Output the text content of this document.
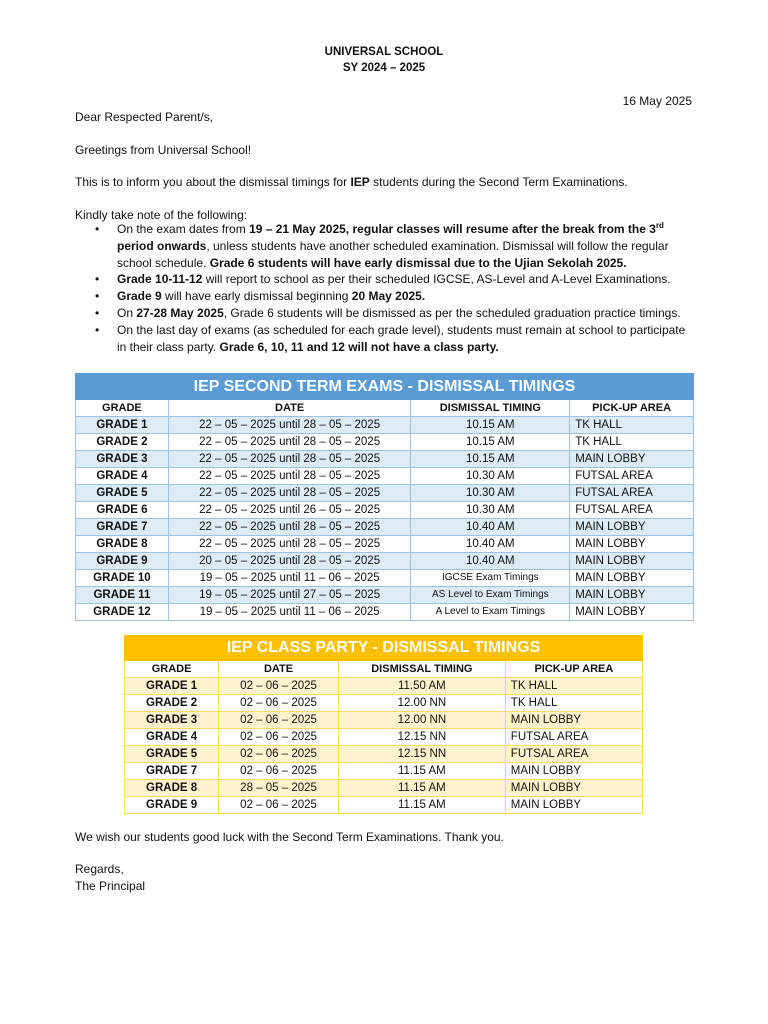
UNIVERSAL SCHOOL
SY 2024 – 2025
16 May 2025
Dear Respected Parent/s,
Greetings from Universal School!
This is to inform you about the dismissal timings for IEP students during the Second Term Examinations.
Kindly take note of the following:
• On the exam dates from 19 – 21 May 2025, regular classes will resume after the break from the 3rd period onwards, unless students have another scheduled examination. Dismissal will follow the regular school schedule. Grade 6 students will have early dismissal due to the Ujian Sekolah 2025.
• Grade 10-11-12 will report to school as per their scheduled IGCSE, AS-Level and A-Level Examinations.
• Grade 9 will have early dismissal beginning 20 May 2025.
• On 27-28 May 2025, Grade 6 students will be dismissed as per the scheduled graduation practice timings.
• On the last day of exams (as scheduled for each grade level), students must remain at school to participate in their class party. Grade 6, 10, 11 and 12 will not have a class party.
IEP SECOND TERM EXAMS - DISMISSAL TIMINGS			
GRADE	DATE	DISMISSAL TIMING	PICK-UP AREA
GRADE 1	22 – 05 – 2025 until 28 – 05 – 2025	10.15 AM	TK HALL
GRADE 2	22 – 05 – 2025 until 28 – 05 – 2025	10.15 AM	TK HALL
GRADE 3	22 – 05 – 2025 until 28 – 05 – 2025	10.15 AM	MAIN LOBBY
GRADE 4	22 – 05 – 2025 until 28 – 05 – 2025	10.30 AM	FUTSAL AREA
GRADE 5	22 – 05 – 2025 until 28 – 05 – 2025	10.30 AM	FUTSAL AREA
GRADE 6	22 – 05 – 2025 until 26 – 05 – 2025	10.30 AM	FUTSAL AREA
GRADE 7	22 – 05 – 2025 until 28 – 05 – 2025	10.40 AM	MAIN LOBBY
GRADE 8	22 – 05 – 2025 until 28 – 05 – 2025	10.40 AM	MAIN LOBBY
GRADE 9	20 – 05 – 2025 until 28 – 05 – 2025	10.40 AM	MAIN LOBBY
GRADE 10	19 – 05 – 2025 until 11 – 06 – 2025	IGCSE Exam Timings	MAIN LOBBY
GRADE 11	19 – 05 – 2025 until 27 – 05 – 2025	AS Level to Exam Timings	MAIN LOBBY
GRADE 12	19 – 05 – 2025 until 11 – 06 – 2025	A Level to Exam Timings	MAIN LOBBY
IEP CLASS PARTY - DISMISSAL TIMINGS			
GRADE	DATE	DISMISSAL TIMING	PICK-UP AREA
GRADE 1	02 – 06 – 2025	11.50 AM	TK HALL
GRADE 2	02 – 06 – 2025	12.00 NN	TK HALL
GRADE 3	02 – 06 – 2025	12.00 NN	MAIN LOBBY
GRADE 4	02 – 06 – 2025	12.15 NN	FUTSAL AREA
GRADE 5	02 – 06 – 2025	12.15 NN	FUTSAL AREA
GRADE 7	02 – 06 – 2025	11.15 AM	MAIN LOBBY
GRADE 8	28 – 05 – 2025	11.15 AM	MAIN LOBBY
GRADE 9	02 – 06 – 2025	11.15 AM	MAIN LOBBY
We wish our students good luck with the Second Term Examinations. Thank you.
Regards,
The Principal
